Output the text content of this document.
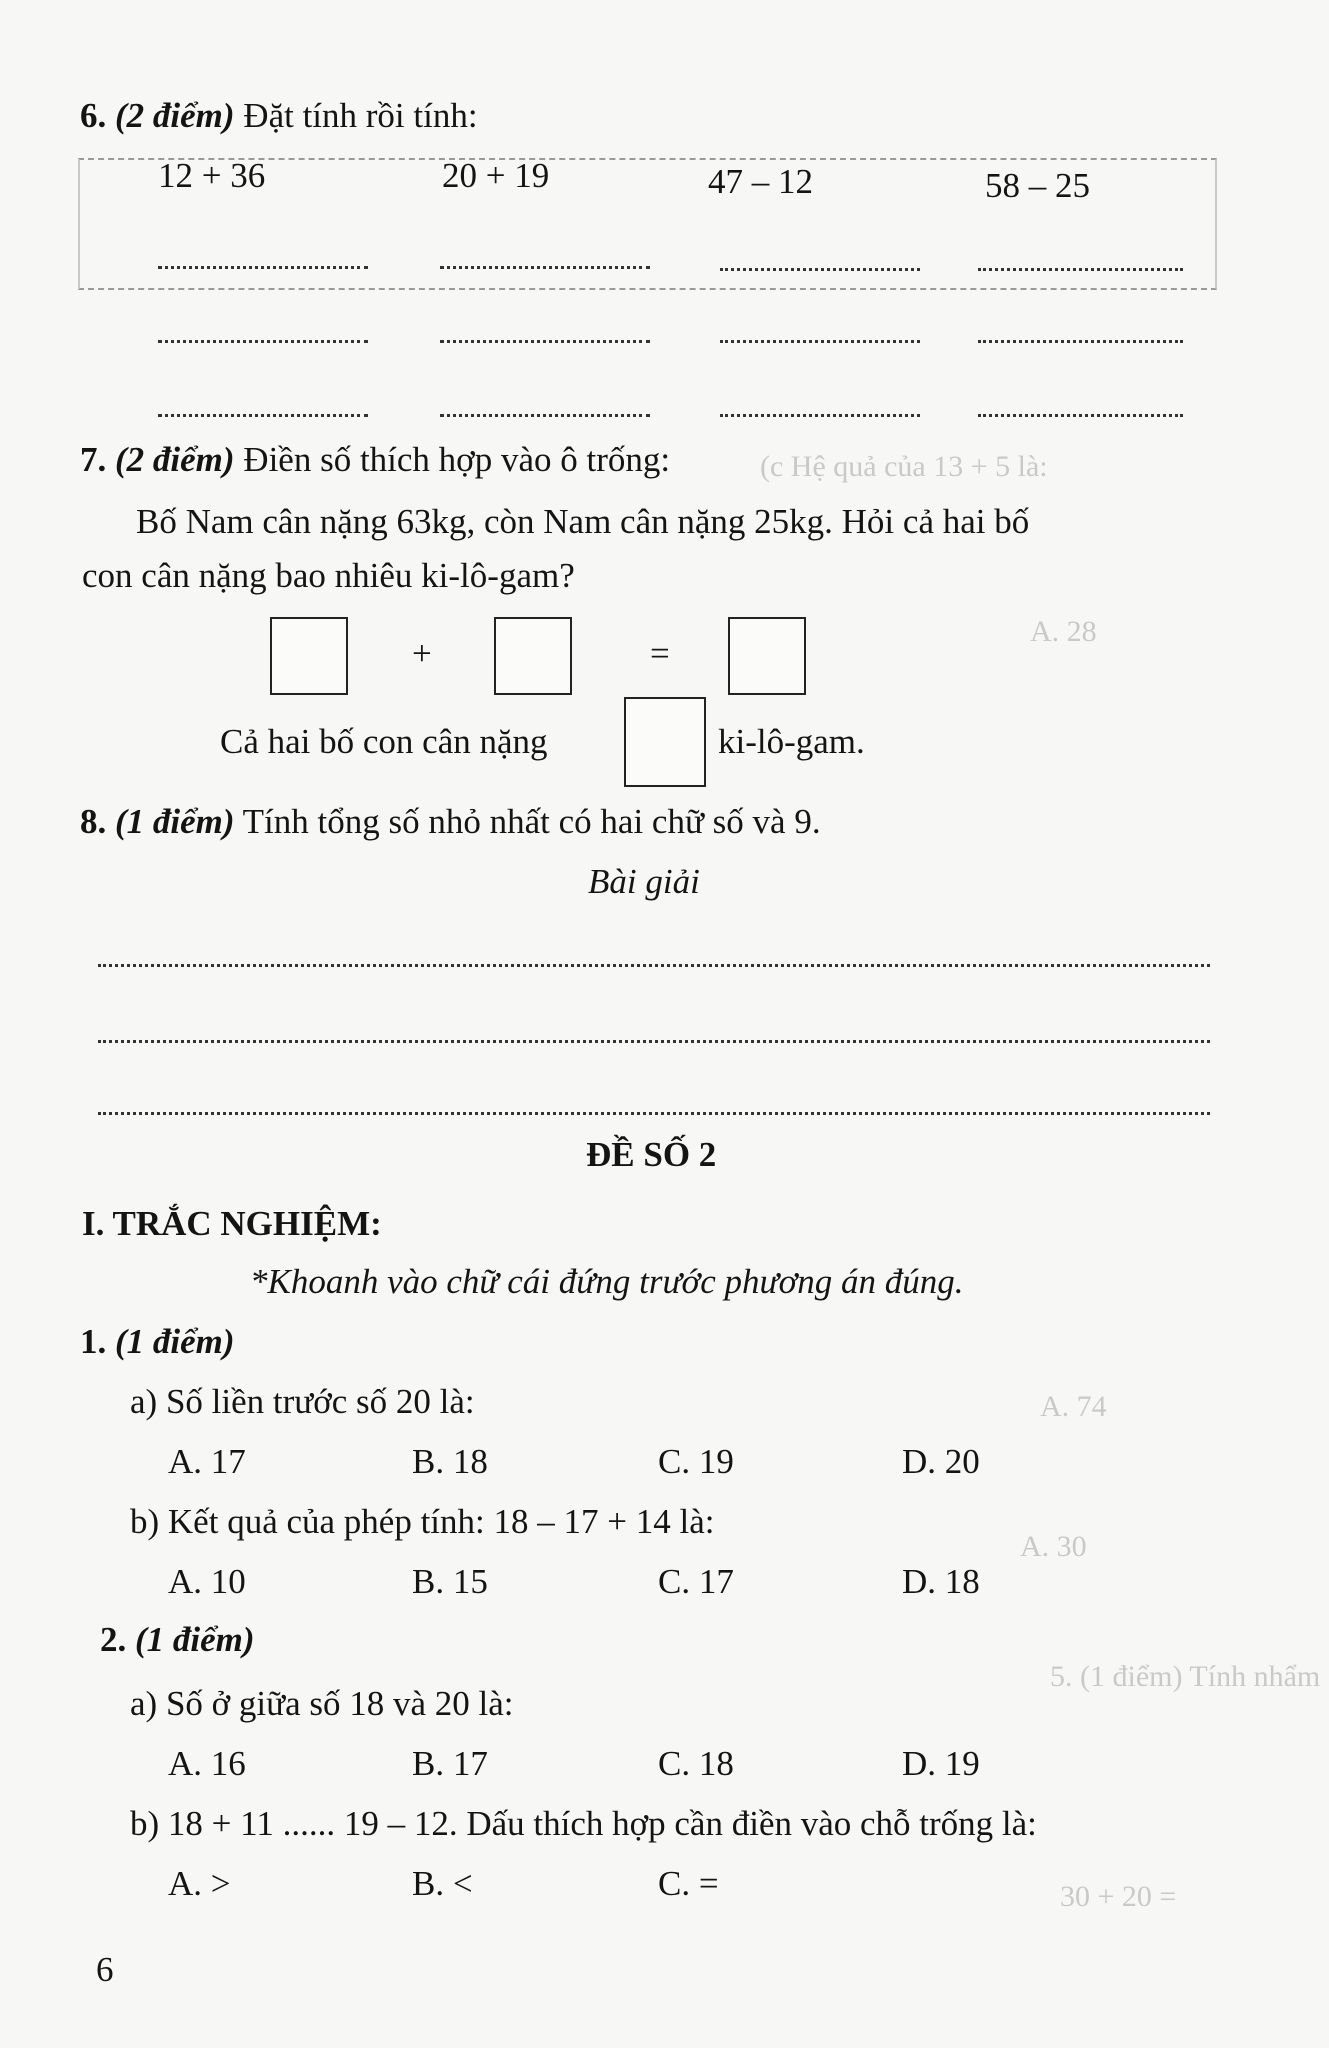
(c Hệ quả của 13 + 5 là:
A. 28
A. 74
A. 30
5. (1 điểm) Tính nhẩm
30 + 20 =
6. (2 điểm) Đặt tính rồi tính:
12 + 36	20 + 19	47 – 12	58 – 25
7. (2 điểm) Điền số thích hợp vào ô trống:
Bố Nam cân nặng 63kg, còn Nam cân nặng 25kg. Hỏi cả hai bố
con cân nặng bao nhiêu ki-lô-gam?
+	=
Cả hai bố con cân nặng	ki-lô-gam.
8. (1 điểm) Tính tổng số nhỏ nhất có hai chữ số và 9.
Bài giải
ĐỀ SỐ 2
I. TRẮC NGHIỆM:
*Khoanh vào chữ cái đứng trước phương án đúng.
1. (1 điểm)
a) Số liền trước số 20 là:
A. 17	B. 18	C. 19	D. 20
b) Kết quả của phép tính: 18 – 17 + 14 là:
A. 10	B. 15	C. 17	D. 18
2. (1 điểm)
a) Số ở giữa số 18 và 20 là:
A. 16	B. 17	C. 18	D. 19
b) 18 + 11 ...... 19 – 12. Dấu thích hợp cần điền vào chỗ trống là:
A. >	B. <	C. =
6
